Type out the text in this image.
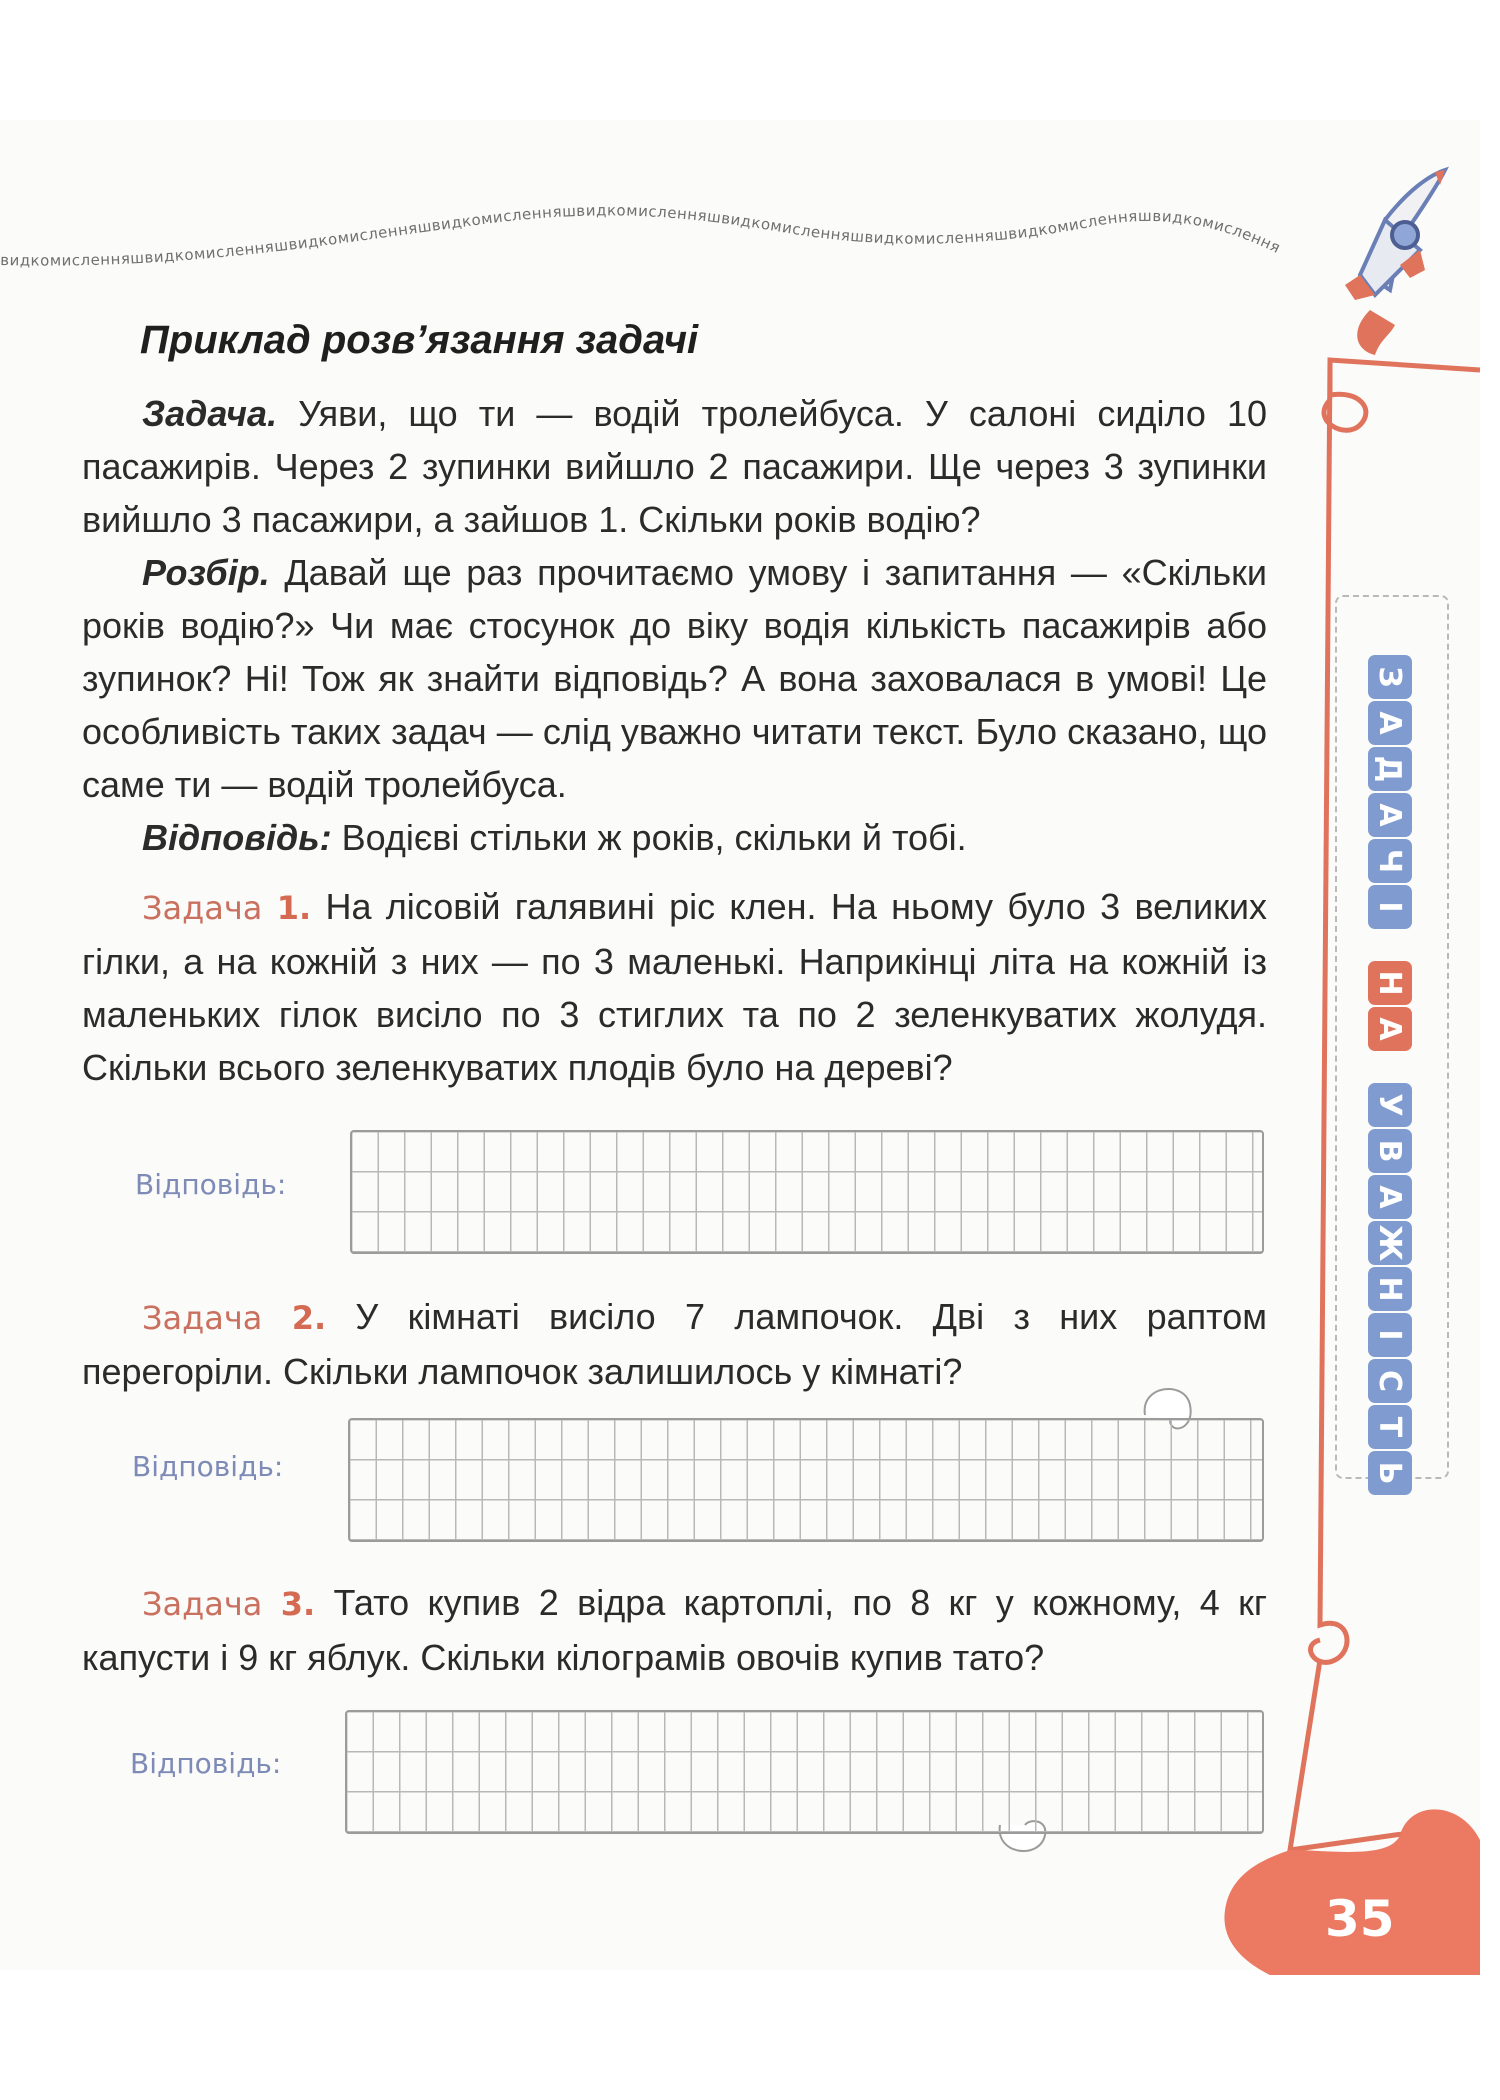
видкомисленняшвидкомисленняшвидкомисленняшвидкомисленняшвидкомисленняшвидкомисленняшвидкомисленняшвидкомисленняшвидкомислення
Приклад розв’язання задачі

Задача. Уяви, що ти — водій тролейбуса. У салоні сиділо 10 пасажирів. Через 2 зупинки вийшло 2 пасажири. Ще через 3 зупинки вийшло 3 пасажири, а зайшов 1. Скільки років водію?

Розбір. Давай ще раз прочитаємо умову і запитання — «Скільки років водію?» Чи має стосунок до віку водія кількість пасажирів або зупинок? Ні! Тож як знайти відповідь? А вона заховалася в умові! Це особливість таких задач — слід уважно читати текст. Було сказано, що саме ти — водій тролейбуса.

Відповідь: Водієві стільки ж років, скільки й тобі.

Задача 1. На лісовій галявині ріс клен. На ньому було 3 великих гілки, а на кожній з них — по 3 маленькі. Наприкінці літа на кожній із маленьких гілок висіло по 3 стиглих та по 2 зеленкуватих жолудя. Скільки всього зеленкуватих плодів було на дереві?

Відповідь:

Задача 2. У кімнаті висіло 7 лампочок. Дві з них раптом перегоріли. Скільки лампочок залишилось у кімнаті?

Відповідь:

Задача 3. Тато купив 2 відра картоплі, по 8 кг у кожному, 4 кг капусти і 9 кг яблук. Скільки кілограмів овочів купив тато?

Відповідь:
З
А
Д
А
Ч
І
Н
А
У
В
А
Ж
Н
І
С
Т
Ь
35
